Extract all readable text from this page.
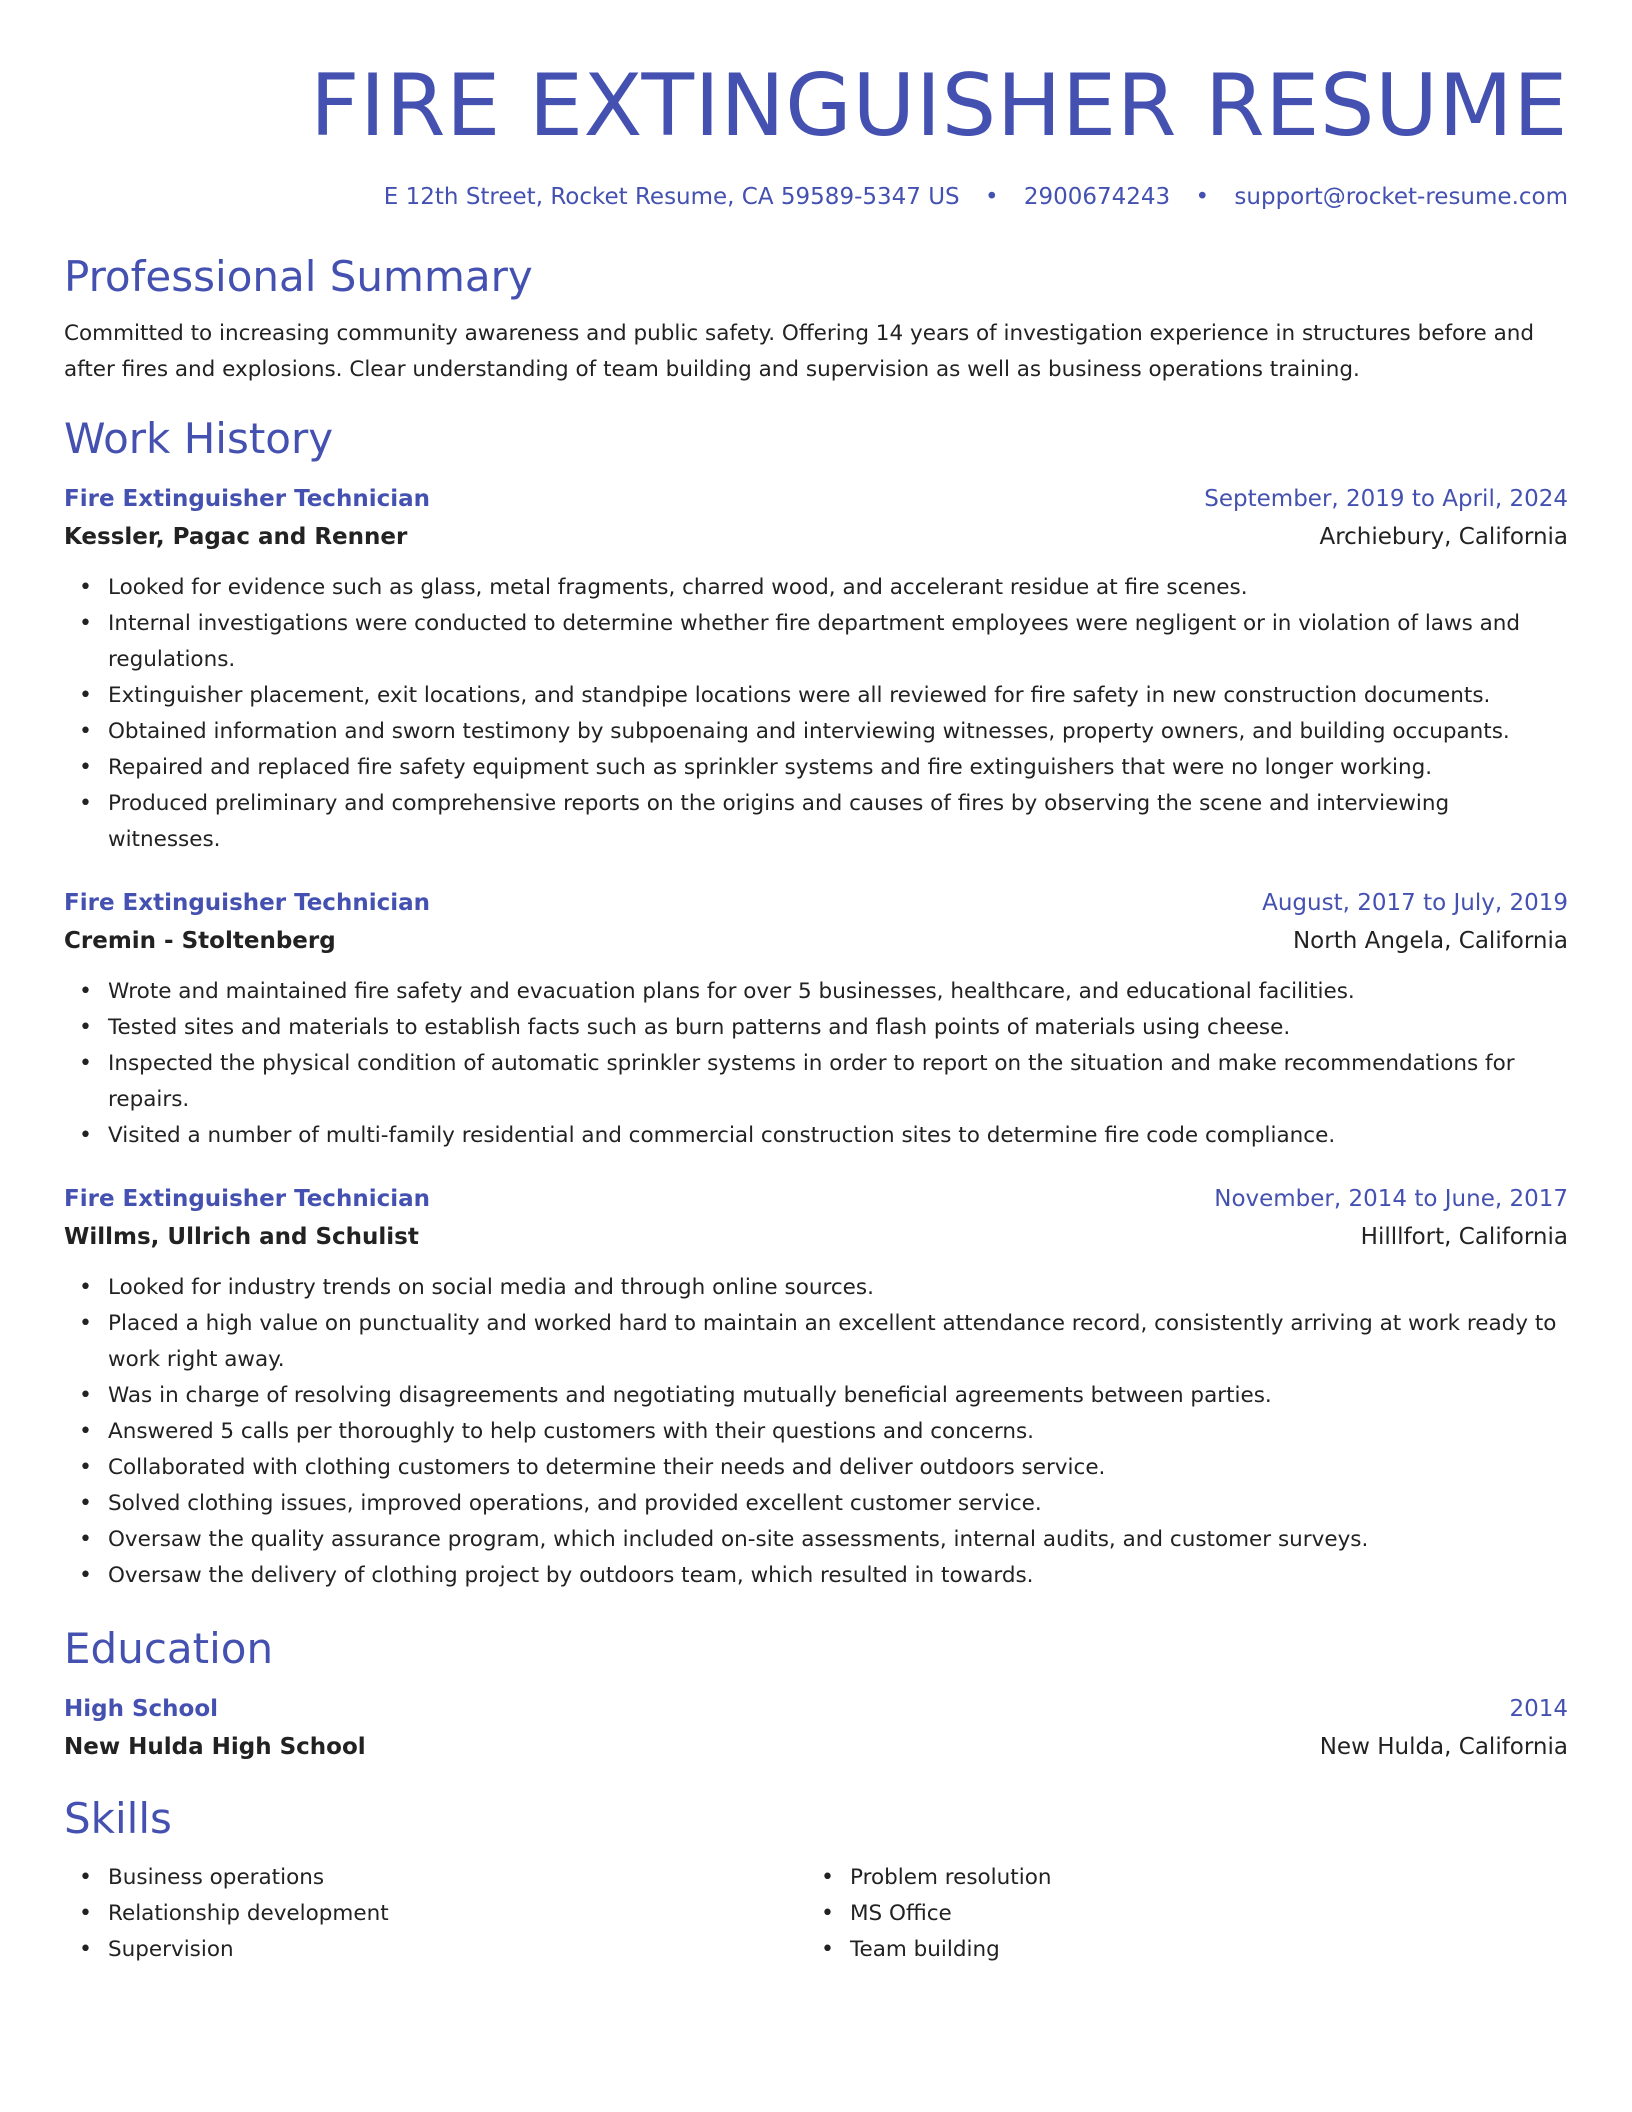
FIRE EXTINGUISHER RESUME
E 12th Street, Rocket Resume, CA 59589-5347 US • 2900674243 • support@rocket-resume.com
Professional Summary

Committed to increasing community awareness and public safety. Offering 14 years of investigation experience in structures before and after fires and explosions. Clear understanding of team building and supervision as well as business operations training.

Work History
Fire Extinguisher Technician	September, 2019 to April, 2024
Kessler, Pagac and Renner	Archiebury, California
• Looked for evidence such as glass, metal fragments, charred wood, and accelerant residue at fire scenes.
• Internal investigations were conducted to determine whether fire department employees were negligent or in violation of laws and regulations.
• Extinguisher placement, exit locations, and standpipe locations were all reviewed for fire safety in new construction documents.
• Obtained information and sworn testimony by subpoenaing and interviewing witnesses, property owners, and building occupants.
• Repaired and replaced fire safety equipment such as sprinkler systems and fire extinguishers that were no longer working.
• Produced preliminary and comprehensive reports on the origins and causes of fires by observing the scene and interviewing witnesses.
Fire Extinguisher Technician	August, 2017 to July, 2019
Cremin - Stoltenberg	North Angela, California
• Wrote and maintained fire safety and evacuation plans for over 5 businesses, healthcare, and educational facilities.
• Tested sites and materials to establish facts such as burn patterns and flash points of materials using cheese.
• Inspected the physical condition of automatic sprinkler systems in order to report on the situation and make recommendations for repairs.
• Visited a number of multi-family residential and commercial construction sites to determine fire code compliance.
Fire Extinguisher Technician	November, 2014 to June, 2017
Willms, Ullrich and Schulist	Hilllfort, California
• Looked for industry trends on social media and through online sources.
• Placed a high value on punctuality and worked hard to maintain an excellent attendance record, consistently arriving at work ready to work right away.
• Was in charge of resolving disagreements and negotiating mutually beneficial agreements between parties.
• Answered 5 calls per thoroughly to help customers with their questions and concerns.
• Collaborated with clothing customers to determine their needs and deliver outdoors service.
• Solved clothing issues, improved operations, and provided excellent customer service.
• Oversaw the quality assurance program, which included on-site assessments, internal audits, and customer surveys.
• Oversaw the delivery of clothing project by outdoors team, which resulted in towards.
Education
High School	2014
New Hulda High School	New Hulda, California
Skills
• Business operations
• Relationship development
• Supervision
• Problem resolution
• MS Office
• Team building
